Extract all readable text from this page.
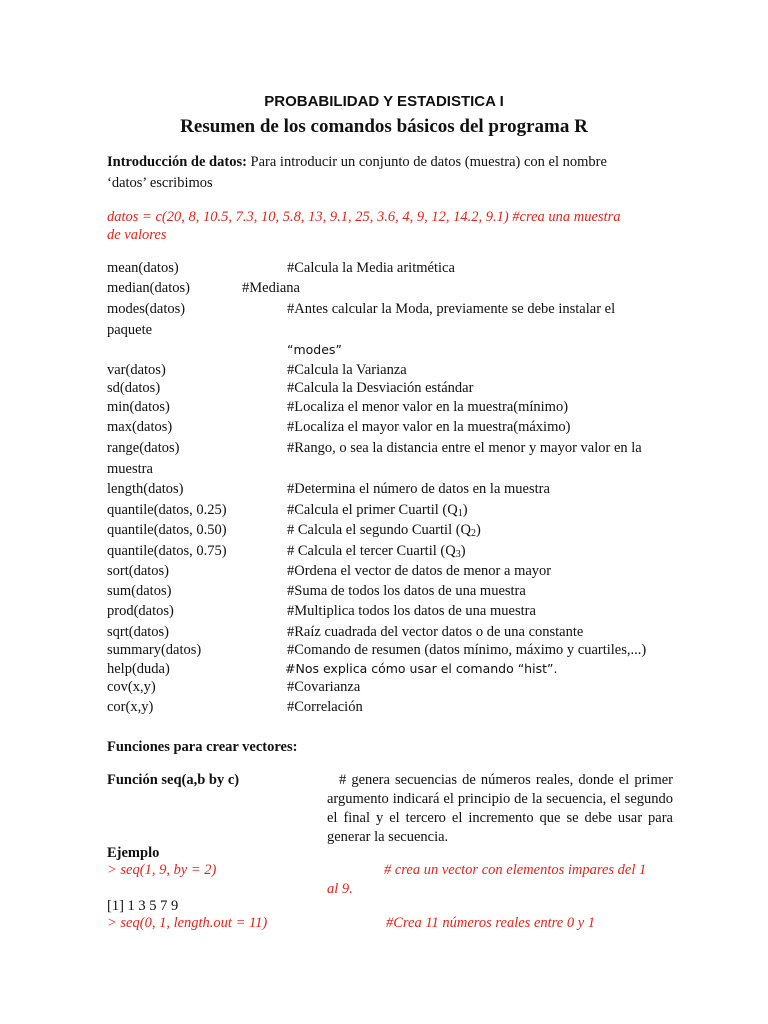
PROBABILIDAD Y ESTADISTICA I
Resumen de los comandos básicos del programa R
Introducción de datos: Para introducir un conjunto de datos (muestra) con el nombre
‘datos’ escribimos
datos = c(20, 8, 10.5, 7.3, 10, 5.8, 13, 9.1, 25, 3.6, 4, 9, 12, 14.2, 9.1) #crea una muestra
de valores
mean(datos)	#Calcula la Media aritmética
median(datos)	#Mediana
modes(datos)	#Antes calcular la Moda, previamente se debe instalar el
paquete
“modes”
var(datos)	#Calcula la Varianza
sd(datos)	#Calcula la Desviación estándar
min(datos)	#Localiza el menor valor en la muestra(mínimo)
max(datos)	#Localiza el mayor valor en la muestra(máximo)
range(datos)	#Rango, o sea la distancia entre el menor y mayor valor en la
muestra
length(datos)	#Determina el número de datos en la muestra
quantile(datos, 0.25)	#Calcula el primer Cuartil $(Q_1)$
quantile(datos, 0.50)	# Calcula el segundo Cuartil $(Q_2)$
quantile(datos, 0.75)	# Calcula el tercer Cuartil $(Q_3)$
sort(datos)	#Ordena el vector de datos de menor a mayor
sum(datos)	#Suma de todos los datos de una muestra
prod(datos)	#Multiplica todos los datos de una muestra
sqrt(datos)	#Raíz cuadrada del vector datos o de una constante
summary(datos)	#Comando de resumen (datos mínimo, máximo y cuartiles,...)
help(duda)	#Nos explica cómo usar el comando “hist”.
cov(x,y)	#Covarianza
cor(x,y)	#Correlación
Funciones para crear vectores:
Función seq(a,b by c)	# genera secuencias de números reales, donde el primer argumento indicará el principio de la secuencia, el segundo el final y el tercero el incremento que se debe usar para generar la secuencia.
Ejemplo
> seq(1, 9, by = 2)	# crea un vector con elementos impares del 1
al 9.
[1] 1 3 5 7 9
> seq(0, 1, length.out = 11)	#Crea 11 números reales entre 0 y 1
